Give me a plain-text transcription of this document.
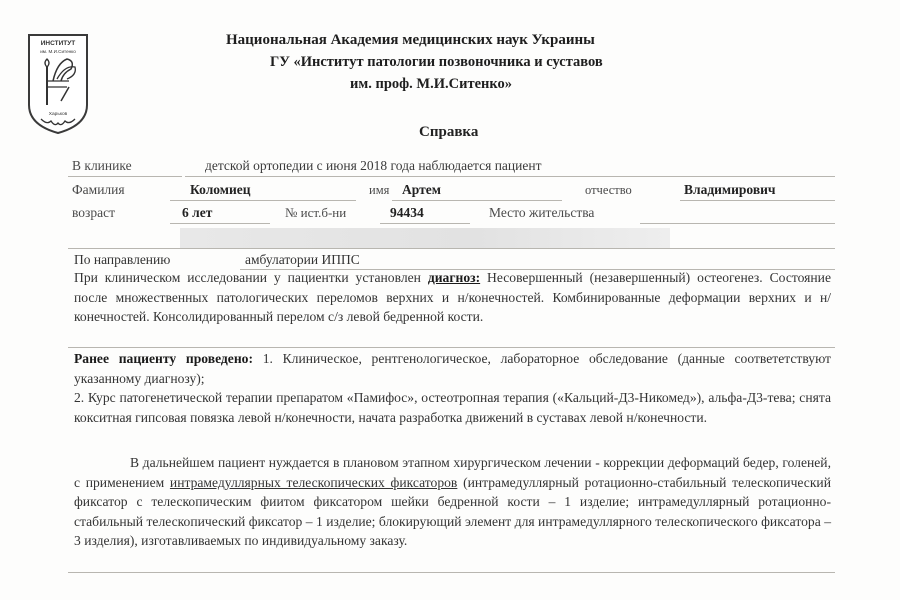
ИНСТИТУТ
им. М.И.Ситенко
Харьков
Национальная Академия медицинских наук Украины
ГУ «Институт патологии позвоночника и суставов
им. проф. М.И.Ситенко»
Справка
В клинике	детской ортопедии с июня 2018 года наблюдается пациент
Фамилия	Коломиец	имя Артем	отчество	Владимирович
возраст	6 лет	№ ист.б-ни	94434	Место жительства
По направлению	амбулатории ИППС
При клиническом исследовании у пациентки установлен диагноз: Несовершенный (незавершенный) остеогенез. Состояние после множественных патологических переломов верхних и н/конечностей. Комбинированные деформации верхних и н/конечностей. Консолидированный перелом с/з левой бедренной кости.
Ранее пациенту проведено: 1. Клиническое, рентгенологическое, лабораторное обследование (данные соответетствуют указанному диагнозу);
2. Курс патогенетической терапии препаратом «Памифос», остеотропная терапия («Кальций-Д3-Никомед»), альфа-Д3-тева; снята кокситная гипсовая повязка левой н/конечности, начата разработка движений в суставах левой н/конечности.
В дальнейшем пациент нуждается в плановом этапном хирургическом лечении - коррекции деформаций бедер, голеней, с применением интрамедуллярных телескопических фиксаторов (интрамедуллярный ротационно-стабильный телескопический фиксатор с телескопическим фиитом фиксатором шейки бедренной кости – 1 изделие; интрамедуллярный ротационно-стабильный телескопический фиксатор – 1 изделие; блокирующий элемент для интрамедуллярного телескопического фиксатора – 3 изделия), изготавливаемых по индивидуальному заказу.
